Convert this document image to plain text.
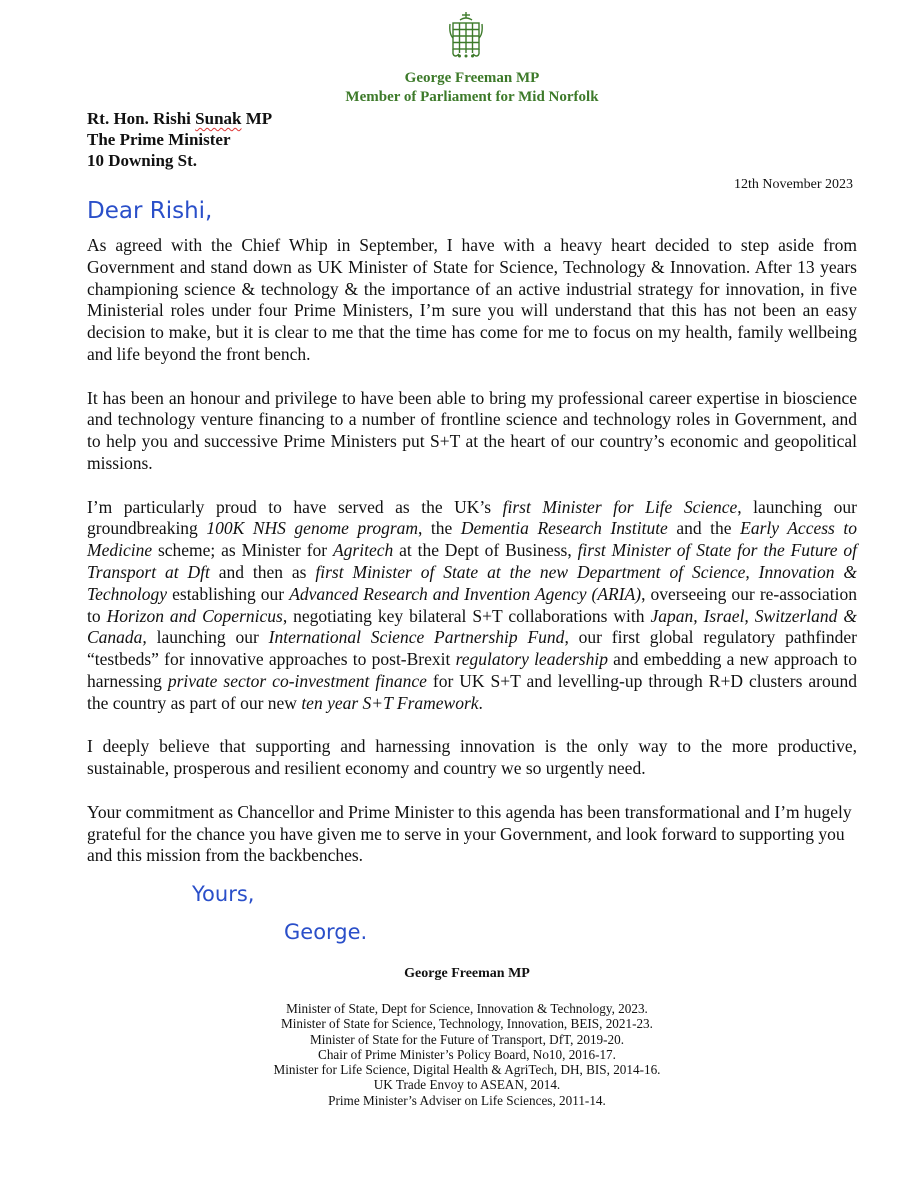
George Freeman MP
Member of Parliament for Mid Norfolk
Rt. Hon. Rishi Sunak MP
The Prime Minister
10 Downing St.
12th November 2023
Dear Rishi,

As agreed with the Chief Whip in September, I have with a heavy heart decided to step aside from Government and stand down as UK Minister of State for Science, Technology & Innovation. After 13 years championing science & technology & the importance of an active industrial strategy for innovation, in five Ministerial roles under four Prime Ministers, I’m sure you will understand that this has not been an easy decision to make, but it is clear to me that the time has come for me to focus on my health, family wellbeing and life beyond the front bench.

It has been an honour and privilege to have been able to bring my professional career expertise in bioscience and technology venture financing to a number of frontline science and technology roles in Government, and to help you and successive Prime Ministers put S+T at the heart of our country’s economic and geopolitical missions.

I’m particularly proud to have served as the UK’s first Minister for Life Science, launching our groundbreaking 100K NHS genome program, the Dementia Research Institute and the Early Access to Medicine scheme; as Minister for Agritech at the Dept of Business, first Minister of State for the Future of Transport at Dft and then as first Minister of State at the new Department of Science, Innovation & Technology establishing our Advanced Research and Invention Agency (ARIA), overseeing our re-association to Horizon and Copernicus, negotiating key bilateral S+T collaborations with Japan, Israel, Switzerland & Canada, launching our International Science Partnership Fund, our first global regulatory pathfinder “testbeds” for innovative approaches to post-Brexit regulatory leadership and embedding a new approach to harnessing private sector co-investment finance for UK S+T and levelling-up through R+D clusters around the country as part of our new ten year S+T Framework.

I deeply believe that supporting and harnessing innovation is the only way to the more productive, sustainable, prosperous and resilient economy and country we so urgently need.

Your commitment as Chancellor and Prime Minister to this agenda has been transformational and I’m hugely grateful for the chance you have given me to serve in your Government, and look forward to supporting you and this mission from the backbenches.

Yours,
George.
George Freeman MP
Minister of State, Dept for Science, Innovation & Technology, 2023.
Minister of State for Science, Technology, Innovation, BEIS, 2021-23.
Minister of State for the Future of Transport, DfT, 2019-20.
Chair of Prime Minister’s Policy Board, No10, 2016-17.
Minister for Life Science, Digital Health & AgriTech, DH, BIS, 2014-16.
UK Trade Envoy to ASEAN, 2014.
Prime Minister’s Adviser on Life Sciences, 2011-14.
